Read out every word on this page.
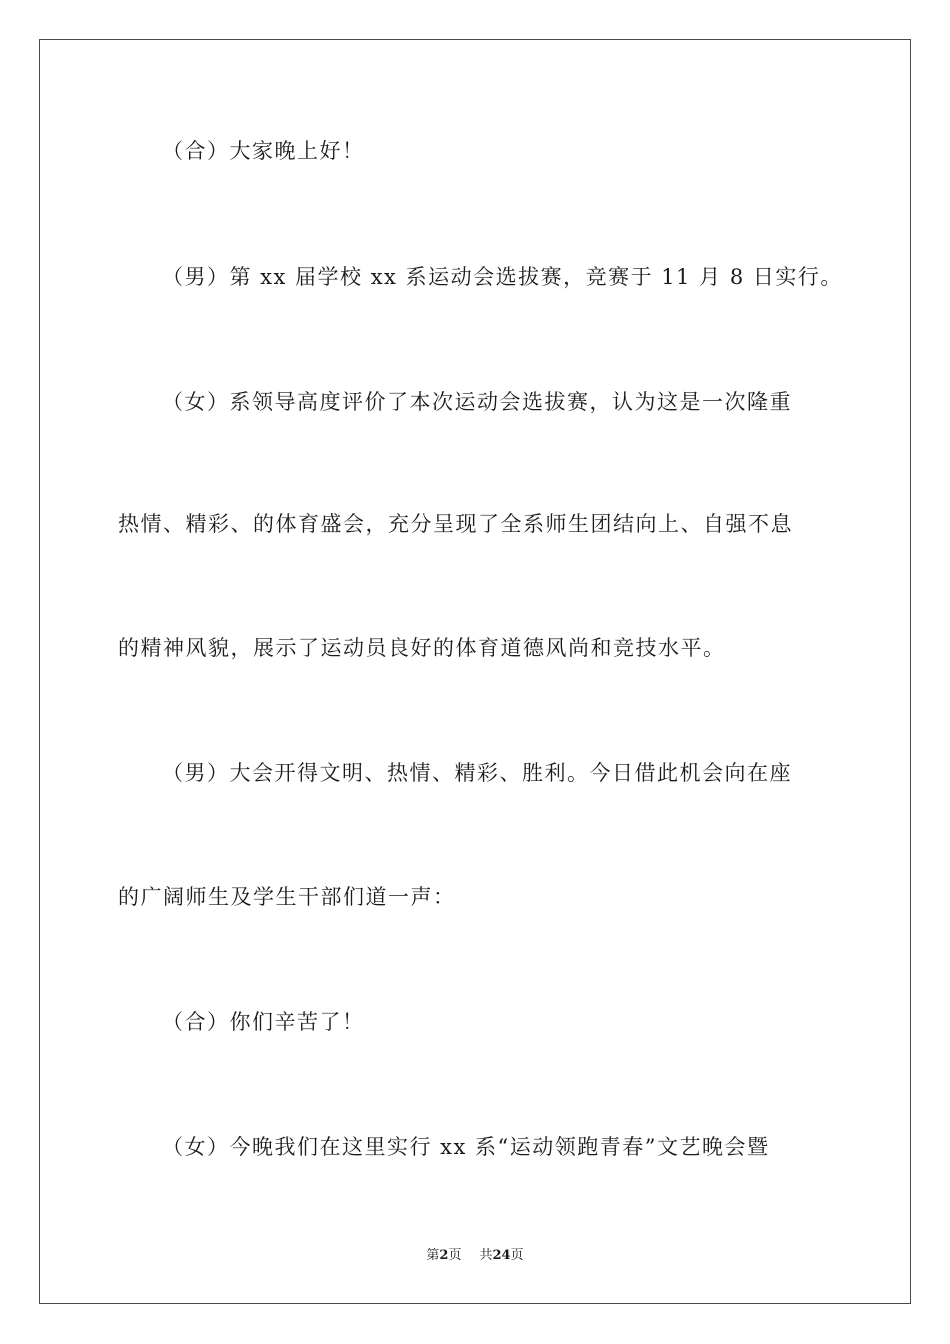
（合）大家晚上好！
（男）第 xx 届学校 xx 系运动会选拔赛，竞赛于 11 月 8 日实行。
（女）系领导高度评价了本次运动会选拔赛，认为这是一次隆重
热情、精彩、的体育盛会，充分呈现了全系师生团结向上、自强不息
的精神风貌，展示了运动员良好的体育道德风尚和竞技水平。
（男）大会开得文明、热情、精彩、胜利。今日借此机会向在座
的广阔师生及学生干部们道一声：
（合）你们辛苦了！
（女）今晚我们在这里实行 xx 系“运动领跑青春”文艺晚会暨
第2页 共24页
